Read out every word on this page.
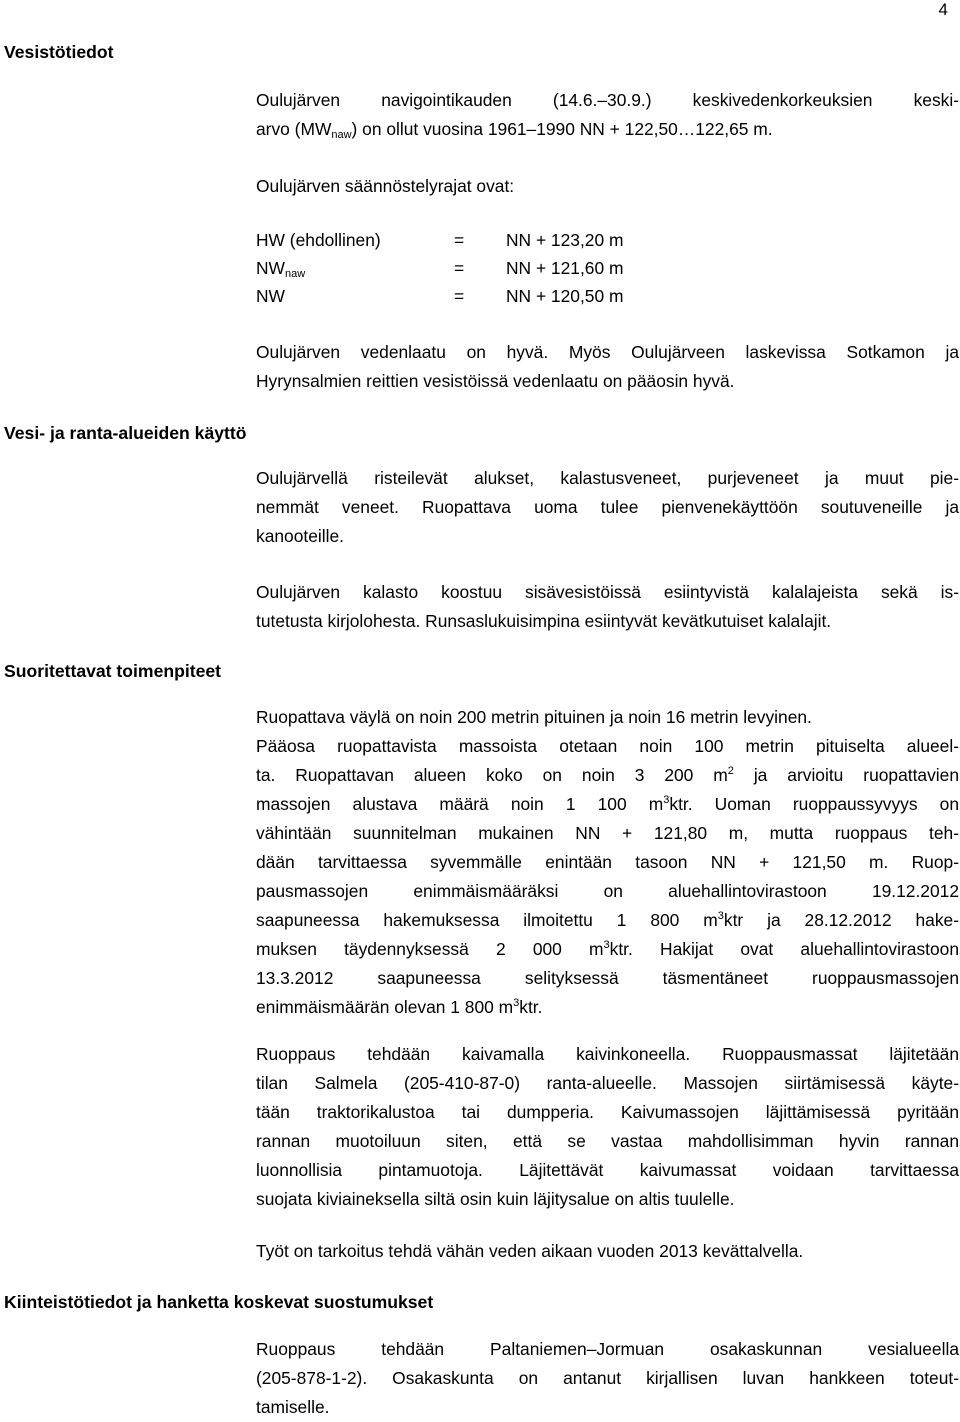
4
Vesistötiedot
Vesi- ja ranta-alueiden käyttö
Suoritettavat toimenpiteet
Kiinteistötiedot ja hanketta koskevat suostumukset
Oulujärven navigointikauden (14.6.–30.9.) keskivedenkorkeuksien keski-
arvo $(MW_{naw})$ on ollut vuosina 1961–1990 NN + 122,50…122,65 m.
Oulujärven säännöstelyrajat ovat:
HW (ehdollinen)	= NN + 123,20 m
$NW_{naw}$	= NN + 121,60 m
NW	= NN + 120,50 m
Oulujärven vedenlaatu on hyvä. Myös Oulujärveen laskevissa Sotkamon ja
Hyrynsalmien reittien vesistöissä vedenlaatu on pääosin hyvä.
Oulujärvellä risteilevät alukset, kalastusveneet, purjeveneet ja muut pie-
nemmät veneet. Ruopattava uoma tulee pienvenekäyttöön soutuveneille ja
kanooteille.
Oulujärven kalasto koostuu sisävesistöissä esiintyvistä kalalajeista sekä is-
tutetusta kirjolohesta. Runsaslukuisimpina esiintyvät kevätkutuiset kalalajit.
Ruopattava väylä on noin 200 metrin pituinen ja noin 16 metrin levyinen.
Pääosa ruopattavista massoista otetaan noin 100 metrin pituiselta alueel-
ta. Ruopattavan alueen koko on noin 3 200 $m^2$ ja arvioitu ruopattavien
massojen alustava määrä noin 1 100 $m^3ktr$. Uoman ruoppaussyvyys on
vähintään suunnitelman mukainen NN + 121,80 m, mutta ruoppaus teh-
dään tarvittaessa syvemmälle enintään tasoon NN + 121,50 m. Ruop-
pausmassojen enimmäismääräksi on aluehallintovirastoon 19.12.2012
saapuneessa hakemuksessa ilmoitettu 1 800 $m^3ktr$ ja 28.12.2012 hake-
muksen täydennyksessä 2 000 $m^3ktr$. Hakijat ovat aluehallintovirastoon
13.3.2012 saapuneessa selityksessä täsmentäneet ruoppausmassojen
enimmäismäärän olevan 1 800 $m^3ktr$.
Ruoppaus tehdään kaivamalla kaivinkoneella. Ruoppausmassat läjitetään
tilan Salmela (205-410-87-0) ranta-alueelle. Massojen siirtämisessä käyte-
tään traktorikalustoa tai dumpperia. Kaivumassojen läjittämisessä pyritään
rannan muotoiluun siten, että se vastaa mahdollisimman hyvin rannan
luonnollisia pintamuotoja. Läjitettävät kaivumassat voidaan tarvittaessa
suojata kiviaineksella siltä osin kuin läjitysalue on altis tuulelle.
Työt on tarkoitus tehdä vähän veden aikaan vuoden 2013 kevättalvella.
Ruoppaus tehdään Paltaniemen–Jormuan osakaskunnan vesialueella
(205-878-1-2). Osakaskunta on antanut kirjallisen luvan hankkeen toteut-
tamiselle.
